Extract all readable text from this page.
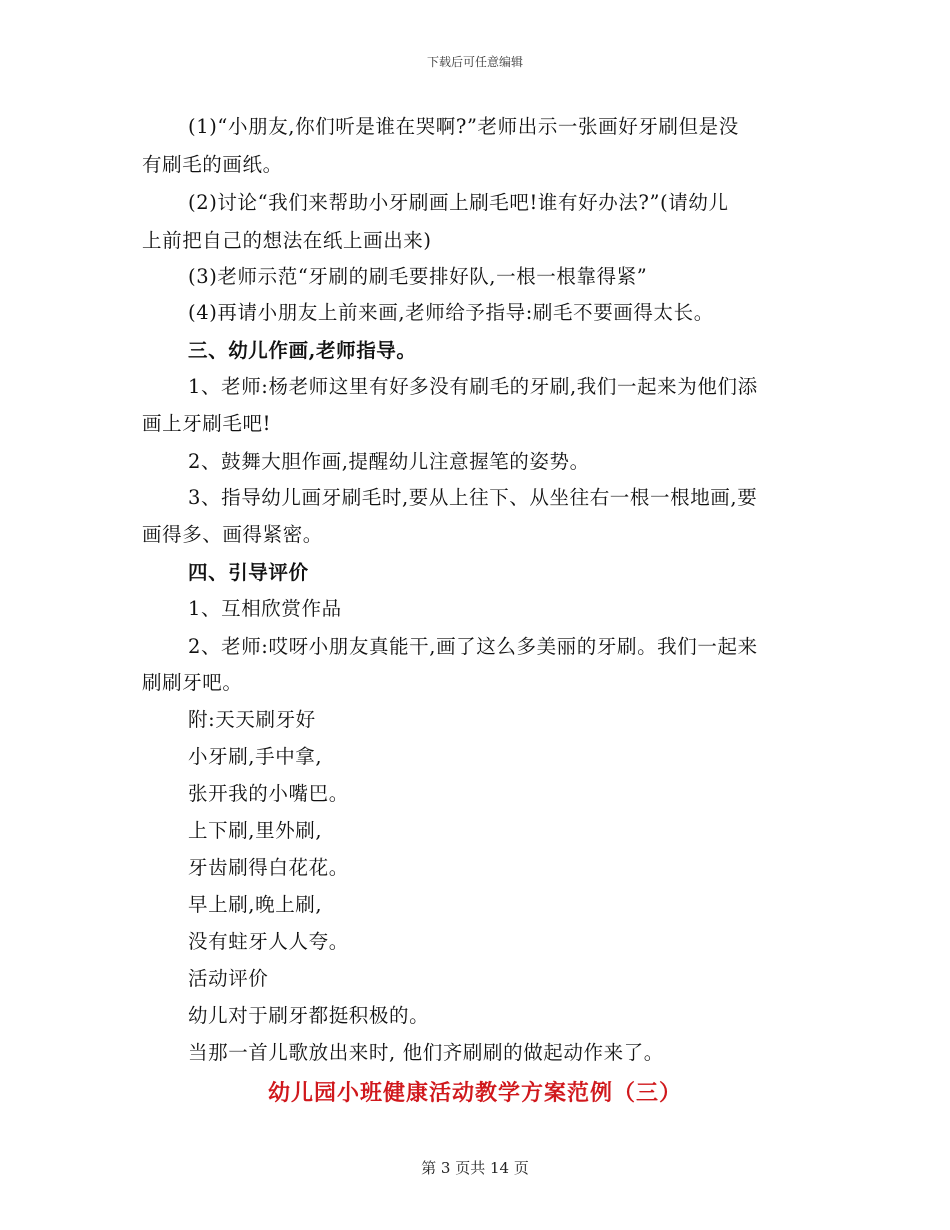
下载后可任意编辑
(1)“小朋友,你们听是谁在哭啊?”老师出示一张画好牙刷但是没
有刷毛的画纸。
(2)讨论“我们来帮助小牙刷画上刷毛吧!谁有好办法?”(请幼儿
上前把自己的想法在纸上画出来)
(3)老师示范“牙刷的刷毛要排好队,一根一根靠得紧”
(4)再请小朋友上前来画,老师给予指导:刷毛不要画得太长。
三、幼儿作画,老师指导。
1、老师:杨老师这里有好多没有刷毛的牙刷,我们一起来为他们添
画上牙刷毛吧!
2、鼓舞大胆作画,提醒幼儿注意握笔的姿势。
3、指导幼儿画牙刷毛时,要从上往下、从坐往右一根一根地画,要
画得多、画得紧密。
四、引导评价
1、互相欣赏作品
2、老师:哎呀小朋友真能干,画了这么多美丽的牙刷。我们一起来
刷刷牙吧。
附:天天刷牙好
小牙刷,手中拿,
张开我的小嘴巴。
上下刷,里外刷,
牙齿刷得白花花。
早上刷,晚上刷,
没有蛀牙人人夸。
活动评价
幼儿对于刷牙都挺积极的。
当那一首儿歌放出来时, 他们齐刷刷的做起动作来了。
幼儿园小班健康活动教学方案范例（三）
第 3 页共 14 页
